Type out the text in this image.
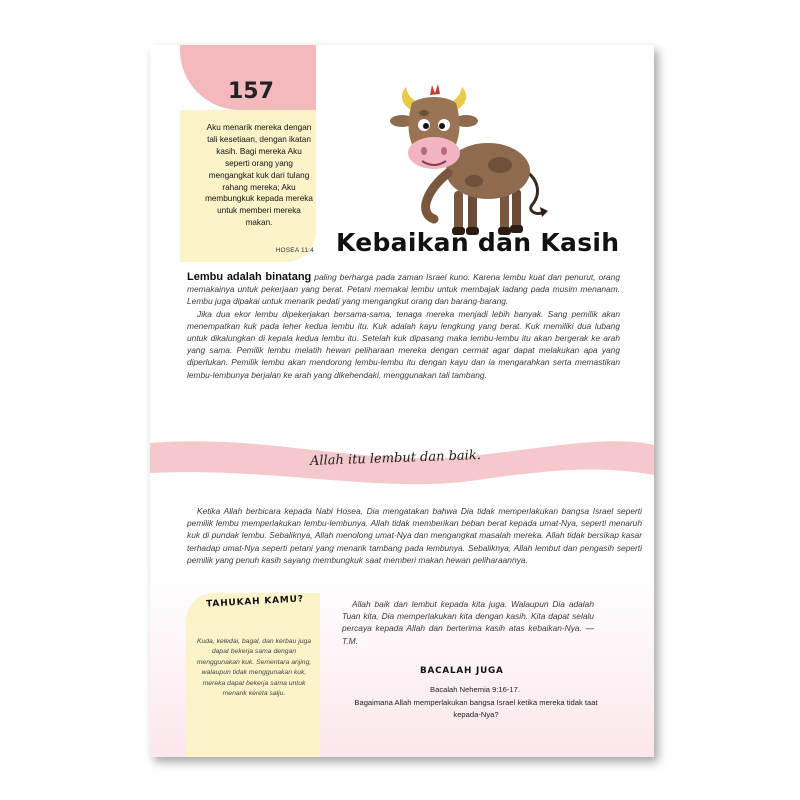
157
Aku menarik mereka dengan tali kesetiaan, dengan ikatan kasih. Bagi mereka Aku seperti orang yang mengangkat kuk dari tulang rahang mereka; Aku membungkuk kepada mereka untuk memberi mereka makan.
HOSEA 11:4 Kebaikan dan Kasih

Lembu adalah binatang paling berharga pada zaman Israel kuno. Karena lembu kuat dan penurut, orang memakainya untuk pekerjaan yang berat. Petani memakai lembu untuk membajak ladang pada musim menanam. Lembu juga dipakai untuk menarik pedati yang mengangkut orang dan barang-barang.

Jika dua ekor lembu dipekerjakan bersama-sama, tenaga mereka menjadi lebih banyak. Sang pemilik akan menempatkan kuk pada leher kedua lembu itu. Kuk adalah kayu lengkung yang berat. Kuk memiliki dua lubang untuk dikalungkan di kepala kedua lembu itu. Setelah kuk dipasang maka lembu-lembu itu akan bergerak ke arah yang sama. Pemilik lembu melatih hewan peliharaan mereka dengan cermat agar dapat melakukan apa yang diperlukan. Pemilik lembu akan mendorong lembu-lembu itu dengan kayu dan ia mengarahkan serta memastikan lembu-lembunya berjalan ke arah yang dikehendaki, menggunakan tali tambang.

Allah itu lembut dan baik.

Ketika Allah berbicara kepada Nabi Hosea, Dia mengatakan bahwa Dia tidak memperlakukan bangsa Israel seperti pemilik lembu memperlakukan lembu-lembunya. Allah tidak memberikan beban berat kepada umat-Nya, seperti menaruh kuk di pundak lembu. Sebaliknya, Allah menolong umat-Nya dan mengangkat masalah mereka. Allah tidak bersikap kasar terhadap umat-Nya seperti petani yang menarik tambang pada lembunya. Sebaliknya, Allah lembut dan pengasih seperti pemilik yang penuh kasih sayang membungkuk saat memberi makan hewan peliharaannya.

Allah baik dan lembut kepada kita juga. Walaupun Dia adalah Tuan kita, Dia memperlakukan kita dengan kasih. Kita dapat selalu percaya kepada Allah dan berterima kasih atas kebaikan-Nya. —T.M.

TAHUKAH KAMU?
Kuda, keledai, bagal, dan kerbau juga dapat bekerja sama dengan menggunakan kuk. Sementara anjing, walaupun tidak menggunakan kuk, mereka dapat bekerja sama untuk menarik kereta salju.
BACALAH JUGA
Bacalah Nehemia 9:16-17.
Bagaimana Allah memperlakukan bangsa Israel ketika mereka tidak taat kepada-Nya?
